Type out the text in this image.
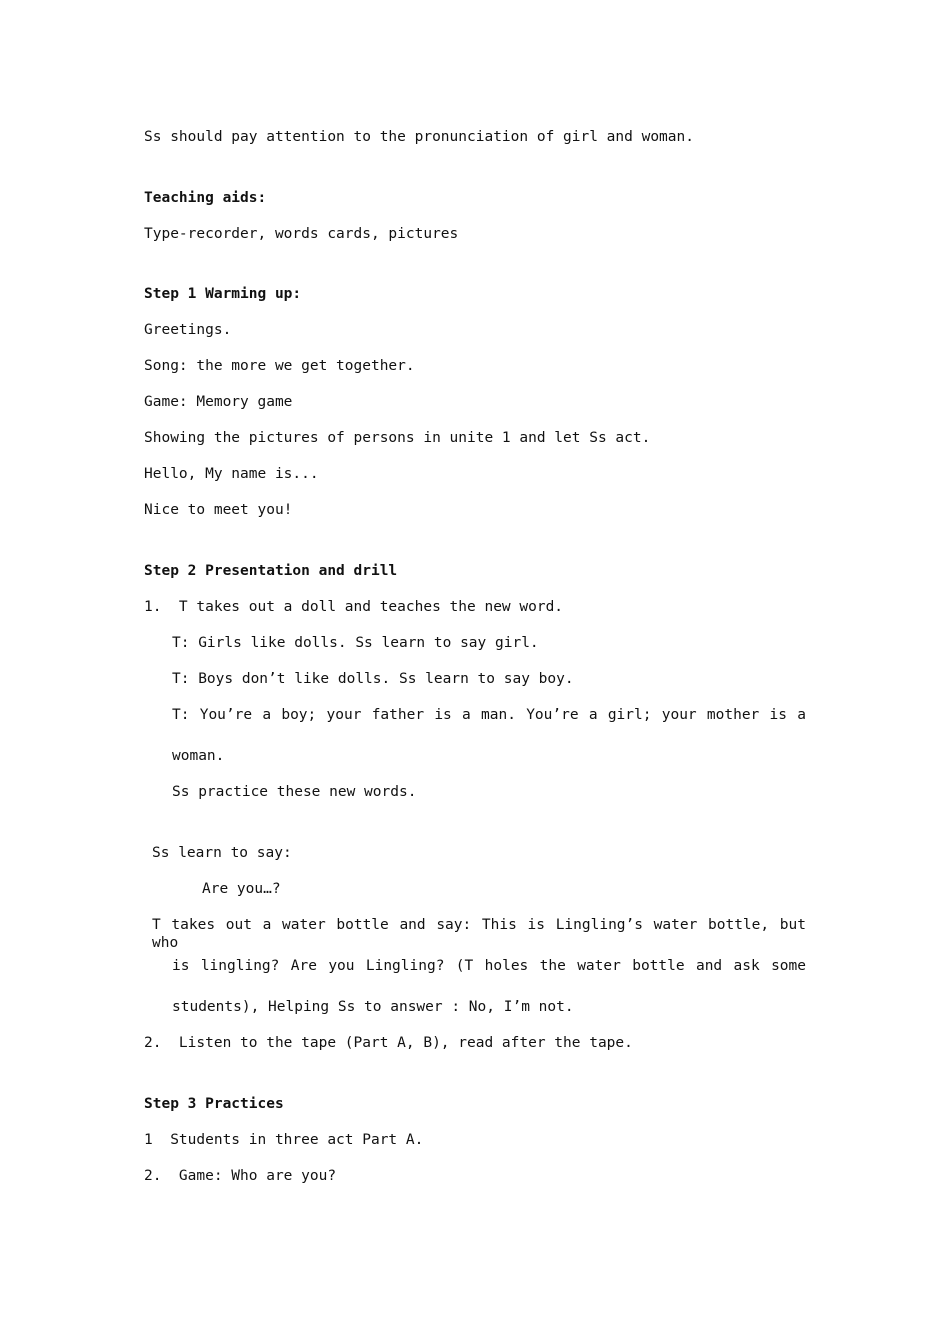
Ss should pay attention to the pronunciation of girl and woman.
Teaching aids:
Type-recorder, words cards, pictures
Step 1 Warming up:
Greetings.
Song: the more we get together.
Game: Memory game
Showing the pictures of persons in unite 1 and let Ss act.
Hello, My name is...
Nice to meet you!
Step 2 Presentation and drill
1.  T takes out a doll and teaches the new word.
T: Girls like dolls. Ss learn to say girl.
T: Boys don’t like dolls. Ss learn to say boy.
T: You’re a boy; your father is a man. You’re a girl; your mother is a
woman.
Ss practice these new words.
Ss learn to say:
Are you…?
T takes out a water bottle and say: This is Lingling’s water bottle, but who
is lingling? Are you Lingling? (T holes the water bottle and ask some
students), Helping Ss to answer : No, I’m not.
2.  Listen to the tape (Part A, B), read after the tape.
Step 3 Practices
1  Students in three act Part A.
2.  Game: Who are you?
